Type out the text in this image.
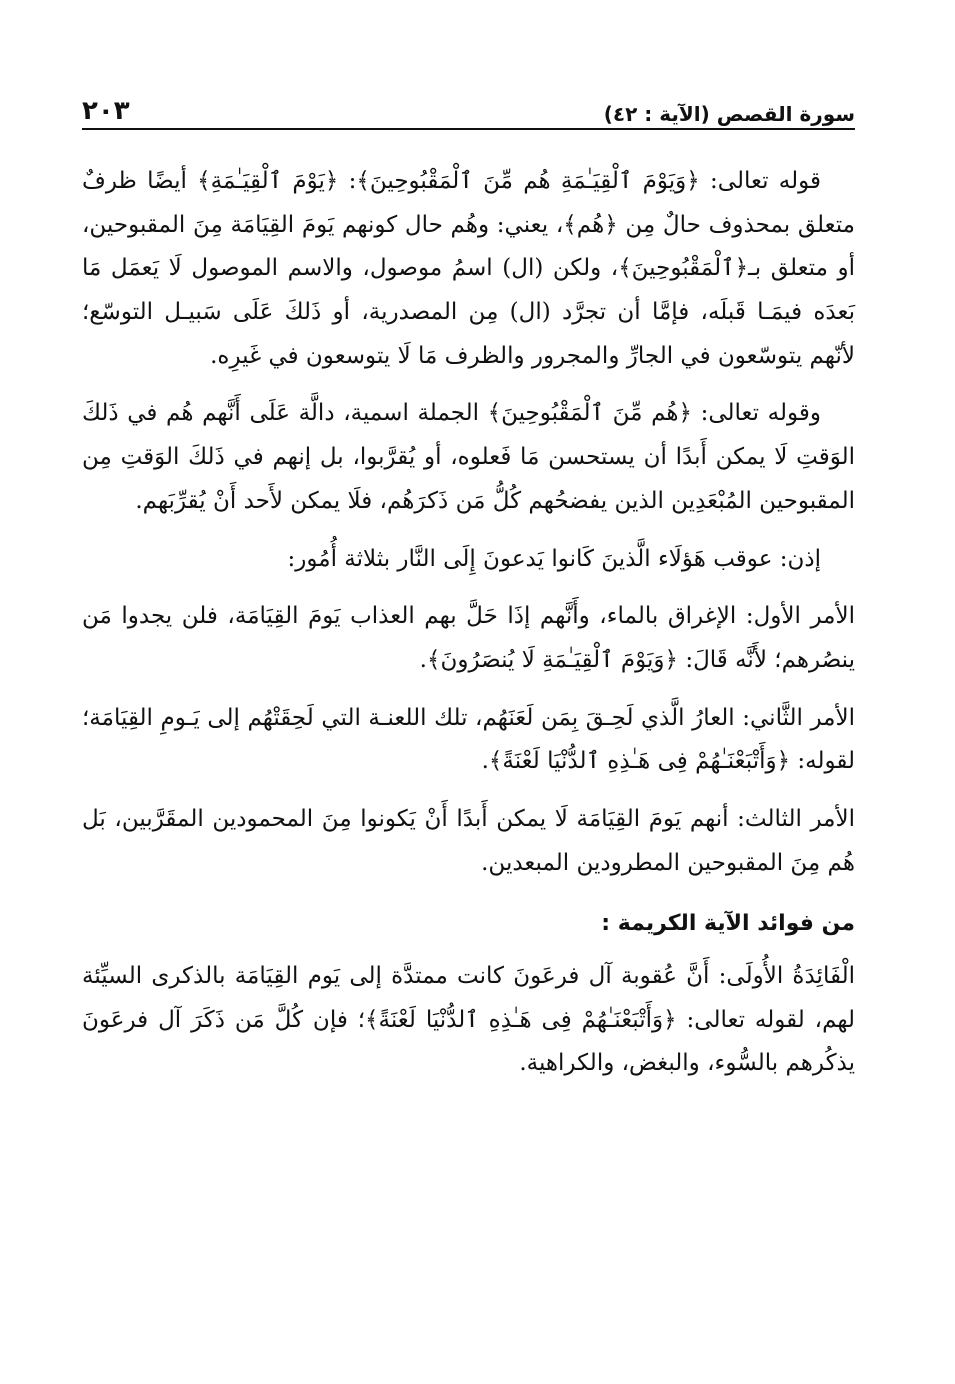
٢٠٣	سورة القصص (الآية : ٤٢)

قوله تعالى: ﴿وَيَوْمَ ٱلْقِيَـٰمَةِ هُم مِّنَ ٱلْمَقْبُوحِينَ﴾: ﴿يَوْمَ ٱلْقِيَـٰمَةِ﴾ أيضًا ظرفٌ متعلق بمحذوف حالٌ مِن ﴿هُم﴾، يعني: وهُم حال كونهم يَومَ القِيَامَة مِنَ المقبوحين، أو متعلق بـ﴿ٱلْمَقْبُوحِينَ﴾، ولكن (ال) اسمُ موصول، والاسم الموصول لَا يَعمَل مَا بَعدَه فيمَـا قَبلَه، فإمَّا أن تجرَّد (ال) مِن المصدرية، أو ذَلكَ عَلَى سَبيـل التوسّع؛ لأنّهم يتوسّعون في الجارِّ والمجرور والظرف مَا لَا يتوسعون في غَيرِه.

وقوله تعالى: ﴿هُم مِّنَ ٱلْمَقْبُوحِينَ﴾ الجملة اسمية، دالَّة عَلَى أَنَّهم هُم في ذَلكَ الوَقتِ لَا يمكن أَبدًا أن يستحسن مَا فَعلوه، أو يُقرَّبوا، بل إنهم في ذَلكَ الوَقتِ مِن المقبوحين المُبْعَدِين الذين يفضحُهم كُلُّ مَن ذَكرَهُم، فلَا يمكن لأَحد أَنْ يُقرِّبَهم.

إذن: عوقب هَؤلَاء الَّذينَ كَانوا يَدعونَ إِلَى النَّار بثلاثة أُمُور:

الأمر الأول: الإغراق بالماء، وأَنَّهم إذَا حَلَّ بهم العذاب يَومَ القِيَامَة، فلن يجدوا مَن ينصُرهم؛ لأَنَّه قَالَ: ﴿وَيَوْمَ ٱلْقِيَـٰمَةِ لَا يُنصَرُونَ﴾.

الأمر الثَّاني: العارُ الَّذي لَحِـقَ بِمَن لَعَنَهُم، تلك اللعنـة التي لَحِقَتْهُم إلى يَـومِ القِيَامَة؛ لقوله: ﴿وَأَتْبَعْنَـٰهُمْ فِى هَـٰذِهِ ٱلدُّنْيَا لَعْنَةً﴾.

الأمر الثالث: أنهم يَومَ القِيَامَة لَا يمكن أَبدًا أَنْ يَكونوا مِنَ المحمودين المقَرَّبين، بَل هُم مِنَ المقبوحين المطرودين المبعدين.

من فوائد الآية الكريمة :

الْفَائِدَةُ الأُولَى: أَنَّ عُقوبة آل فرعَونَ كانت ممتدَّة إلى يَوم القِيَامَة بالذكرى السيِّئة لهم، لقوله تعالى: ﴿وَأَتْبَعْنَـٰهُمْ فِى هَـٰذِهِ ٱلدُّنْيَا لَعْنَةً﴾؛ فإن كُلَّ مَن ذَكَرَ آل فرعَونَ يذكُرهم بالسُّوء، والبغض، والكراهية.
